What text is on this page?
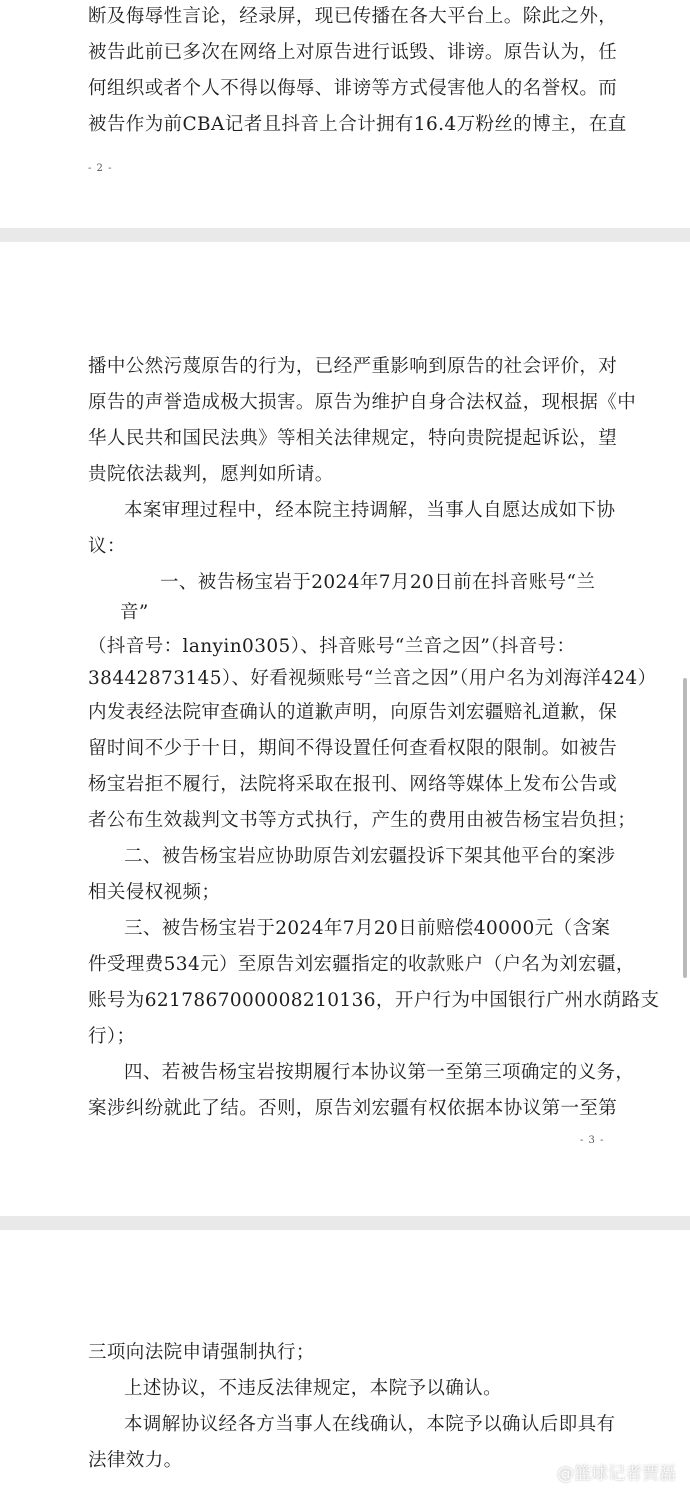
断及侮辱性言论，经录屏，现已传播在各大平台上。除此之外，
被告此前已多次在网络上对原告进行诋毁、诽谤。原告认为，任
何组织或者个人不得以侮辱、诽谤等方式侵害他人的名誉权。而
被告作为前CBA记者且抖音上合计拥有16.4万粉丝的博主，在直
- 2 -
播中公然污蔑原告的行为，已经严重影响到原告的社会评价，对
原告的声誉造成极大损害。原告为维护自身合法权益，现根据《中
华人民共和国民法典》等相关法律规定，特向贵院提起诉讼，望
贵院依法裁判，愿判如所请。
本案审理过程中，经本院主持调解，当事人自愿达成如下协
议：
一、被告杨宝岩于2024年7月20日前在抖音账号“兰
音”
（抖音号：lanyin0305）、抖音账号“兰音之因”（抖音号：
38442873145）、好看视频账号“兰音之因”（用户名为刘海洋424）
内发表经法院审查确认的道歉声明，向原告刘宏疆赔礼道歉，保
留时间不少于十日，期间不得设置任何查看权限的限制。如被告
杨宝岩拒不履行，法院将采取在报刊、网络等媒体上发布公告或
者公布生效裁判文书等方式执行，产生的费用由被告杨宝岩负担；
二、被告杨宝岩应协助原告刘宏疆投诉下架其他平台的案涉
相关侵权视频；
三、被告杨宝岩于2024年7月20日前赔偿40000元（含案
件受理费534元）至原告刘宏疆指定的收款账户（户名为刘宏疆，
账号为6217867000008210136，开户行为中国银行广州水荫路支
行）；
四、若被告杨宝岩按期履行本协议第一至第三项确定的义务，
案涉纠纷就此了结。否则，原告刘宏疆有权依据本协议第一至第
- 3 -
三项向法院申请强制执行；
上述协议，不违反法律规定，本院予以确认。
本调解协议经各方当事人在线确认，本院予以确认后即具有
法律效力。
@篮球记者贾磊
